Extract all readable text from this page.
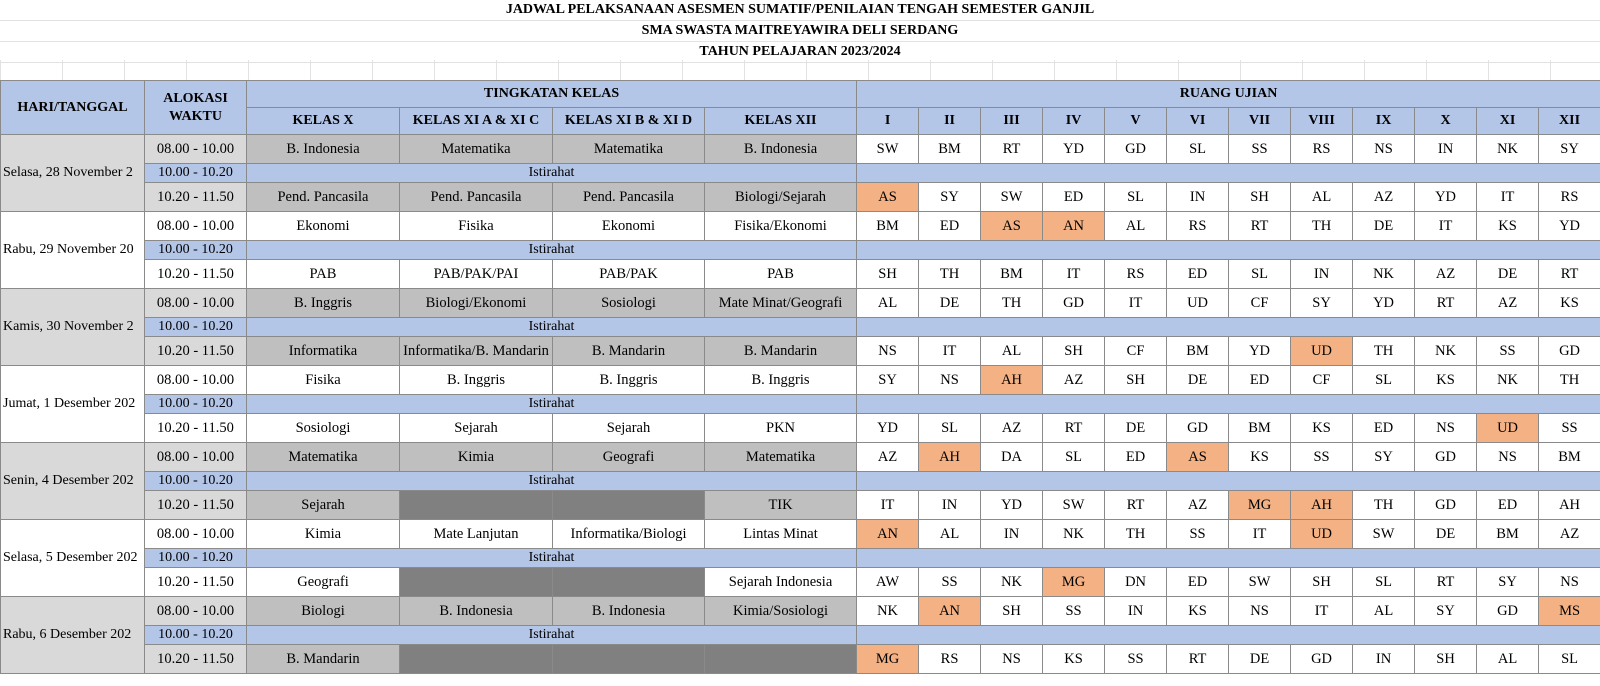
JADWAL PELAKSANAAN ASESMEN SUMATIF/PENILAIAN TENGAH SEMESTER GANJIL
SMA SWASTA MAITREYAWIRA DELI SERDANG
TAHUN PELAJARAN 2023/2024
HARI/TANGGAL	ALOKASI WAKTU	TINGKATAN KELAS				RUANG UJIAN											
		KELAS X	KELAS XI A & XI C	KELAS XI B & XI D	KELAS XII	I	II	III	IV	V	VI	VII	VIII	IX	X	XI	XII
Selasa, 28 November 2	08.00 - 10.00	B. Indonesia	Matematika	Matematika	B. Indonesia	SW	BM	RT	YD	GD	SL	SS	RS	NS	IN	NK	SY
	10.00 - 10.20	Istirahat															
	10.20 - 11.50	Pend. Pancasila	Pend. Pancasila	Pend. Pancasila	Biologi/Sejarah	AS	SY	SW	ED	SL	IN	SH	AL	AZ	YD	IT	RS
Rabu, 29 November 20	08.00 - 10.00	Ekonomi	Fisika	Ekonomi	Fisika/Ekonomi	BM	ED	AS	AN	AL	RS	RT	TH	DE	IT	KS	YD
	10.00 - 10.20	Istirahat															
	10.20 - 11.50	PAB	PAB/PAK/PAI	PAB/PAK	PAB	SH	TH	BM	IT	RS	ED	SL	IN	NK	AZ	DE	RT
Kamis, 30 November 2	08.00 - 10.00	B. Inggris	Biologi/Ekonomi	Sosiologi	Mate Minat/Geografi	AL	DE	TH	GD	IT	UD	CF	SY	YD	RT	AZ	KS
	10.00 - 10.20	Istirahat															
	10.20 - 11.50	Informatika	Informatika/B. Mandarin	B. Mandarin	B. Mandarin	NS	IT	AL	SH	CF	BM	YD	UD	TH	NK	SS	GD
Jumat, 1 Desember 202	08.00 - 10.00	Fisika	B. Inggris	B. Inggris	B. Inggris	SY	NS	AH	AZ	SH	DE	ED	CF	SL	KS	NK	TH
	10.00 - 10.20	Istirahat															
	10.20 - 11.50	Sosiologi	Sejarah	Sejarah	PKN	YD	SL	AZ	RT	DE	GD	BM	KS	ED	NS	UD	SS
Senin, 4 Desember 202	08.00 - 10.00	Matematika	Kimia	Geografi	Matematika	AZ	AH	DA	SL	ED	AS	KS	SS	SY	GD	NS	BM
	10.00 - 10.20	Istirahat															
	10.20 - 11.50	Sejarah			TIK	IT	IN	YD	SW	RT	AZ	MG	AH	TH	GD	ED	AH
Selasa, 5 Desember 202	08.00 - 10.00	Kimia	Mate Lanjutan	Informatika/Biologi	Lintas Minat	AN	AL	IN	NK	TH	SS	IT	UD	SW	DE	BM	AZ
	10.00 - 10.20	Istirahat															
	10.20 - 11.50	Geografi			Sejarah Indonesia	AW	SS	NK	MG	DN	ED	SW	SH	SL	RT	SY	NS
Rabu, 6 Desember 202	08.00 - 10.00	Biologi	B. Indonesia	B. Indonesia	Kimia/Sosiologi	NK	AN	SH	SS	IN	KS	NS	IT	AL	SY	GD	MS
	10.00 - 10.20	Istirahat															
	10.20 - 11.50	B. Mandarin				MG	RS	NS	KS	SS	RT	DE	GD	IN	SH	AL	SL
